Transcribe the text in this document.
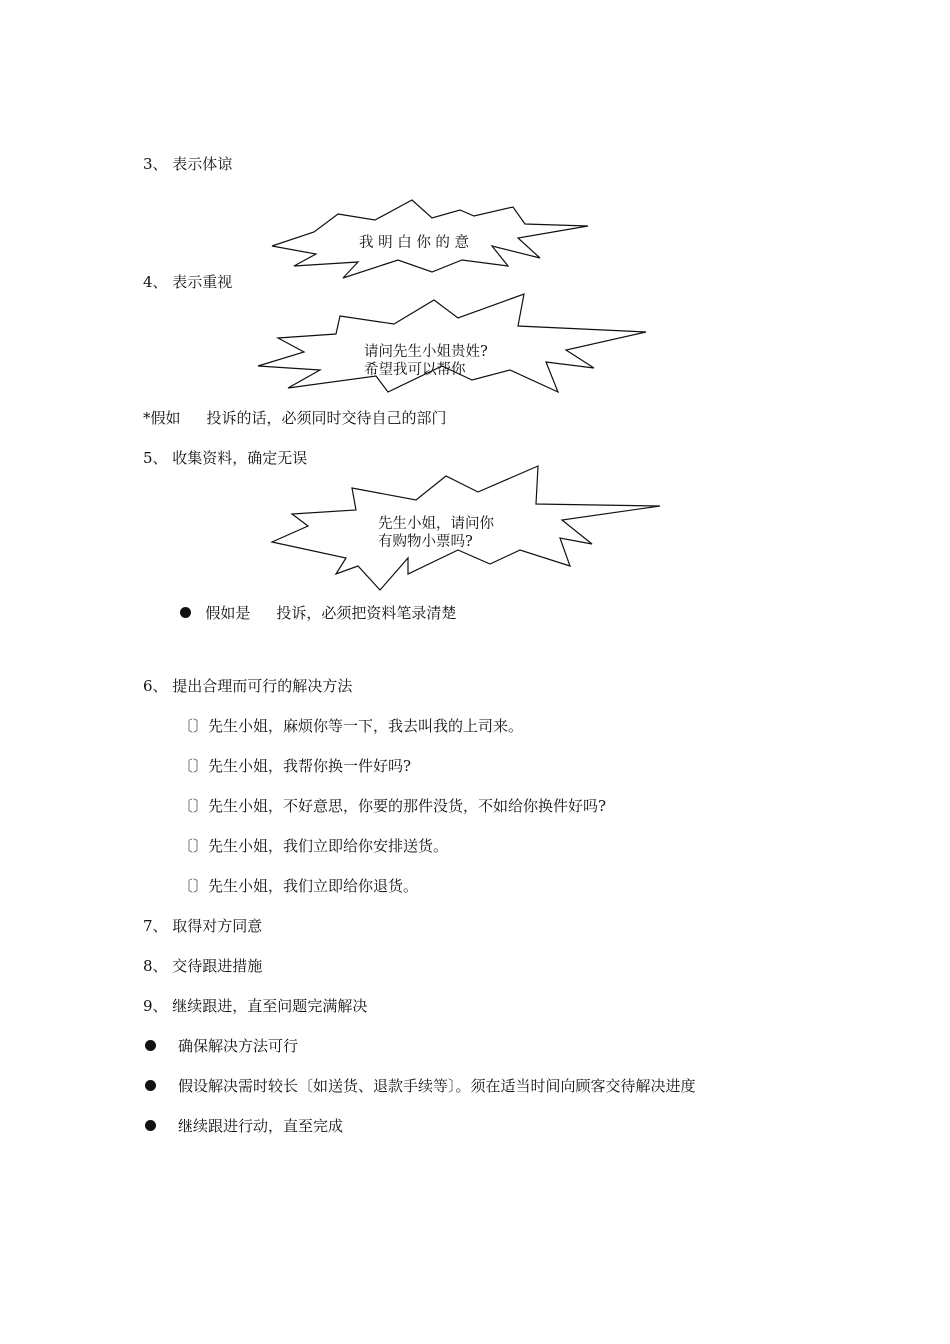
3、 表示体谅
我 明 白 你 的 意
4、 表示重视
请问先生小姐贵姓?
希望我可以帮你
*假如 投诉的话，必须同时交待自己的部门
5、 收集资料，确定无误
先生小姐，请问你
有购物小票吗?
假如是 投诉，必须把资料笔录清楚
6、 提出合理而可行的解决方法
〔〕先生小姐，麻烦你等一下，我去叫我的上司来。
〔〕先生小姐，我帮你换一件好吗?
〔〕先生小姐，不好意思，你要的那件没货，不如给你换件好吗?
〔〕先生小姐，我们立即给你安排送货。
〔〕先生小姐，我们立即给你退货。
7、 取得对方同意
8、 交待跟进措施
9、 继续跟进，直至问题完满解决
确保解决方法可行
假设解决需时较长〔如送货、退款手续等〕。须在适当时间向顾客交待解决进度
继续跟进行动，直至完成
